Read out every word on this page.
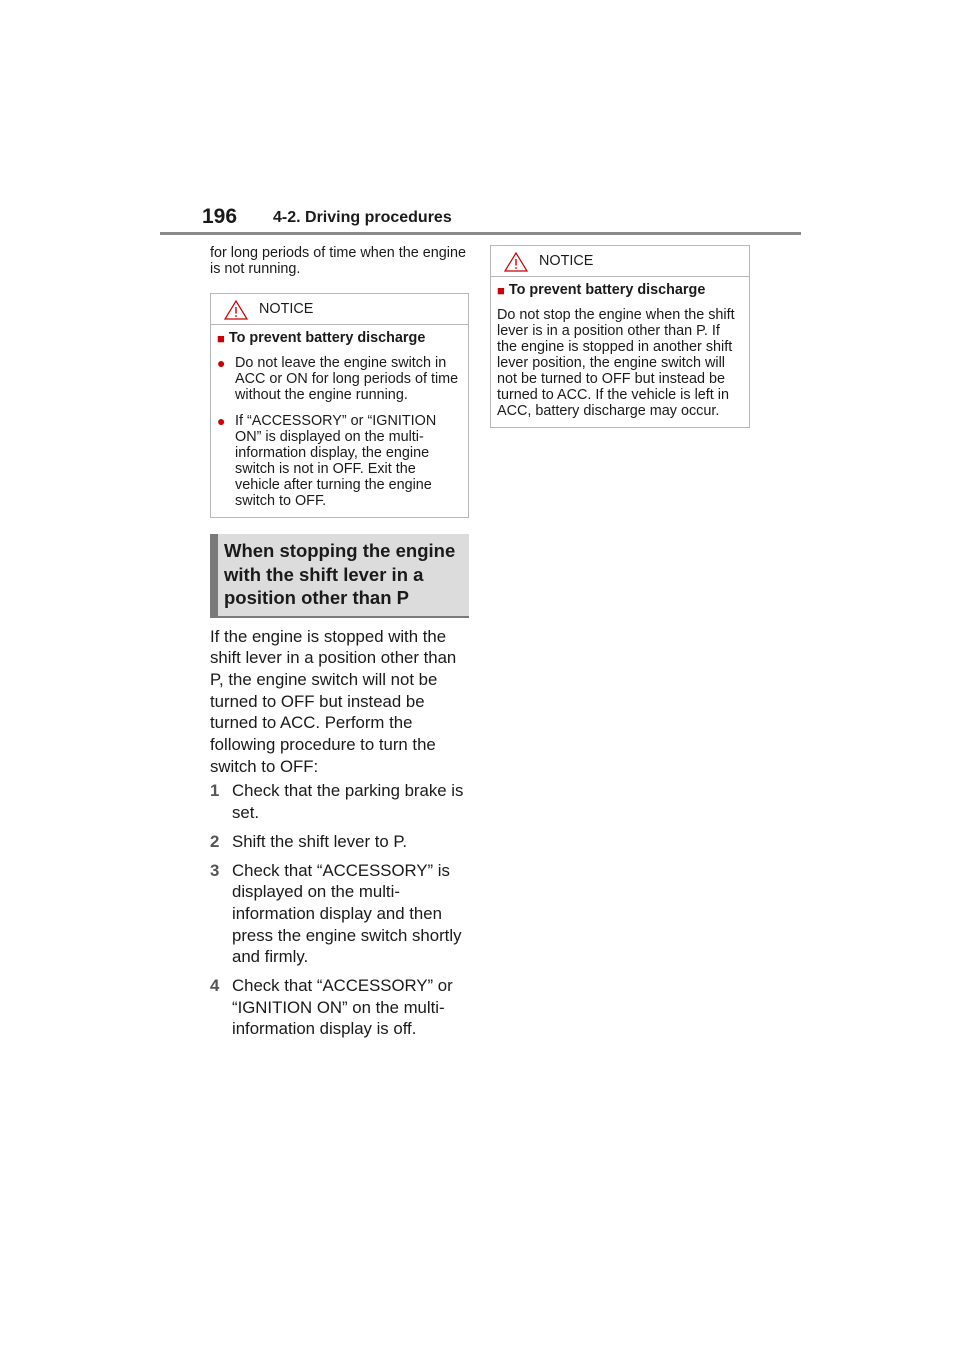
196 4-2. Driving procedures

for long periods of time when the engine is not running.

NOTICE

■ To prevent battery discharge

● Do not leave the engine switch in ACC or ON for long periods of time without the engine running.
● If “ACCESSORY” or “IGNITION ON” is displayed on the multi-information display, the engine switch is not in OFF. Exit the vehicle after turning the engine switch to OFF.
When stopping the engine with the shift lever in a position other than P

If the engine is stopped with the shift lever in a position other than P, the engine switch will not be turned to OFF but instead be turned to ACC. Perform the following procedure to turn the switch to OFF:

1 Check that the parking brake is set.
2 Shift the shift lever to P.
3 Check that “ACCESSORY” is displayed on the multi-information display and then press the engine switch shortly and firmly.
4 Check that “ACCESSORY” or “IGNITION ON” on the multi-information display is off.
NOTICE

■ To prevent battery discharge

Do not stop the engine when the shift lever is in a position other than P. If the engine is stopped in another shift lever position, the engine switch will not be turned to OFF but instead be turned to ACC. If the vehicle is left in ACC, battery discharge may occur.
